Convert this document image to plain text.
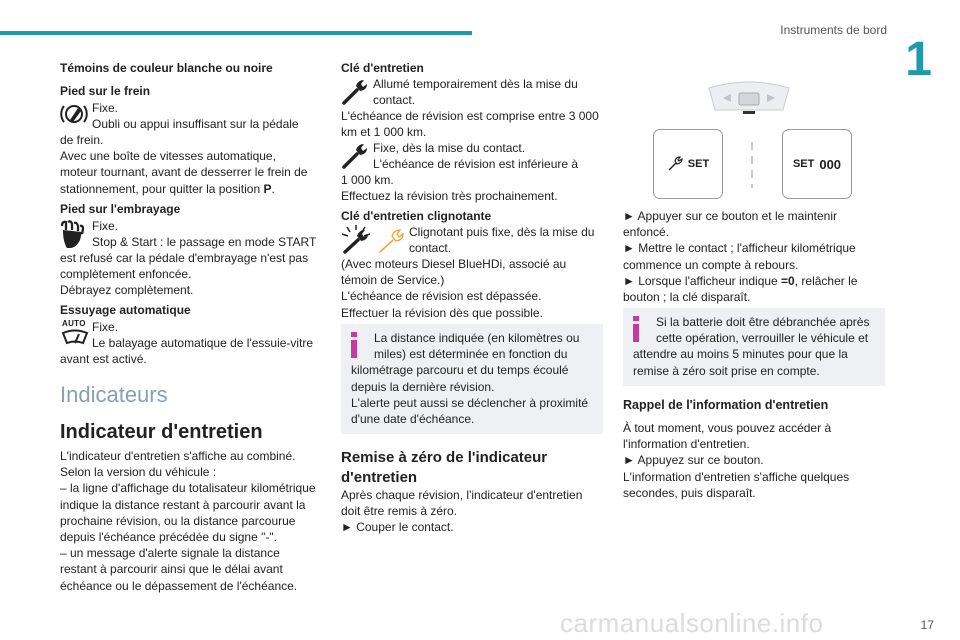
Instruments de bord
1
17
carmanualsonline.info
Témoins de couleur blanche ou noire
Pied sur le frein
Fixe.
Oubli ou appui insuffisant sur la pédale
de frein.
Avec une boîte de vitesses automatique,
moteur tournant, avant de desserrer le frein de
stationnement, pour quitter la position P.
Pied sur l'embrayage
Fixe.
Stop & Start : le passage en mode START
est refusé car la pédale d'embrayage n'est pas
complètement enfoncée.
Débrayez complètement.
Essuyage automatique
AUTO Fixe.
Le balayage automatique de l'essuie-vitre
avant est activé.
Indicateurs
Indicateur d'entretien
L'indicateur d'entretien s'affiche au combiné.
Selon la version du véhicule :
– la ligne d'affichage du totalisateur kilométrique
indique la distance restant à parcourir avant la
prochaine révision, ou la distance parcourue
depuis l'échéance précédée du signe "-".
– un message d'alerte signale la distance
restant à parcourir ainsi que le délai avant
échéance ou le dépassement de l'échéance.
Clé d'entretien
Allumé temporairement dès la mise du
contact.
L'échéance de révision est comprise entre 3 000
km et 1 000 km.
Fixe, dès la mise du contact.
L'échéance de révision est inférieure à
1 000 km.
Effectuez la révision très prochainement.
Clé d'entretien clignotante
Clignotant puis fixe, dès la mise du
contact.
(Avec moteurs Diesel BlueHDi, associé au
témoin de Service.)
L'échéance de révision est dépassée.
Effectuer la révision dès que possible.
La distance indiquée (en kilomètres ou
miles) est déterminée en fonction du
kilométrage parcouru et du temps écoulé
depuis la dernière révision.
L'alerte peut aussi se déclencher à proximité
d'une date d'échéance.
Remise à zéro de l'indicateur
d'entretien
Après chaque révision, l'indicateur d'entretien
doit être remis à zéro.
► Couper le contact.
SET	SET 000
► Appuyer sur ce bouton et le maintenir
enfoncé.
► Mettre le contact ; l'afficheur kilométrique
commence un compte à rebours.
► Lorsque l'afficheur indique =0, relâcher le
bouton ; la clé disparaît.
Si la batterie doit être débranchée après
cette opération, verrouiller le véhicule et
attendre au moins 5 minutes pour que la
remise à zéro soit prise en compte.
Rappel de l'information d'entretien
À tout moment, vous pouvez accéder à
l'information d'entretien.
► Appuyez sur ce bouton.
L'information d'entretien s'affiche quelques
secondes, puis disparaît.
